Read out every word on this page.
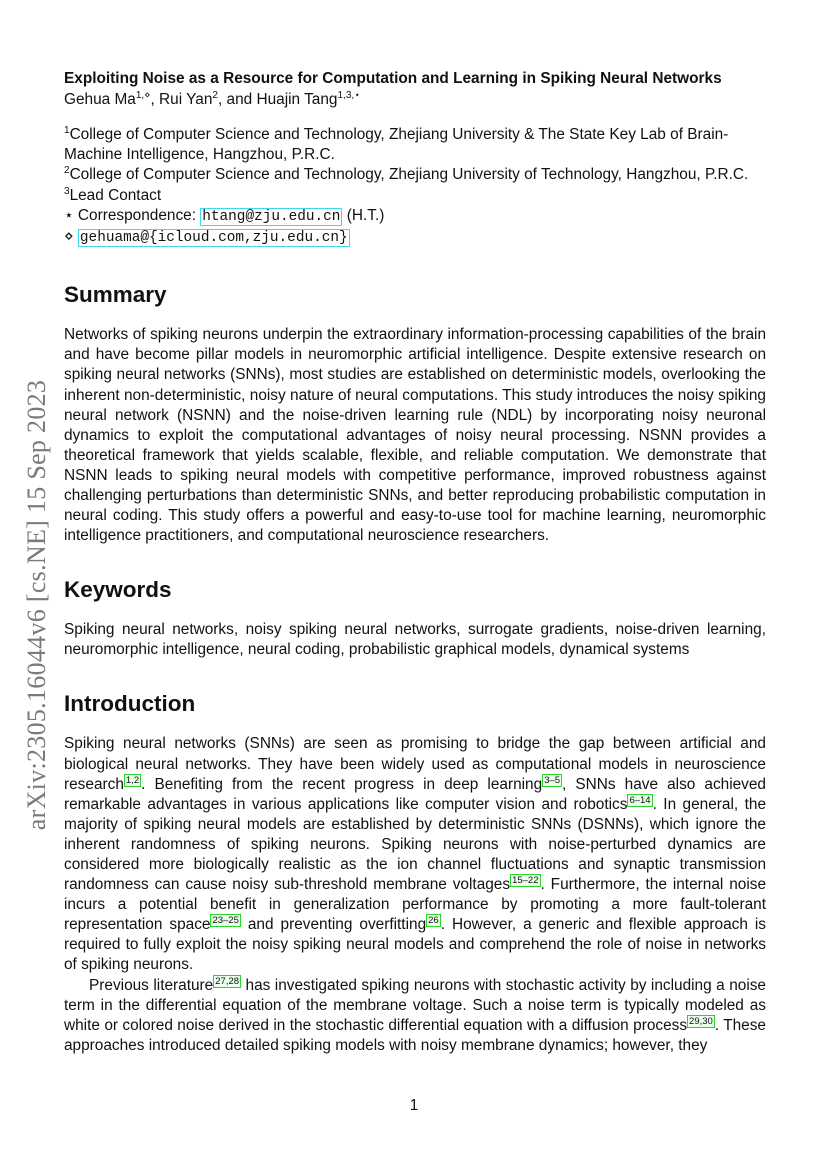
arXiv:2305.16044v6 [cs.NE] 15 Sep 2023

Exploiting Noise as a Resource for Computation and Learning in Spiking Neural Networks

Gehua $Ma^{1,⋄}$, Rui Yan$^2$, and Huajin Tang$^{1,3,⋆}$

$^1$College of Computer Science and Technology, Zhejiang University & The State Key Lab of Brain-Machine Intelligence, Hangzhou, P.R.C.

$^2$College of Computer Science and Technology, Zhejiang University of Technology, Hangzhou, P.R.C.

$^3$Lead Contact

⋆ Correspondence: htang@zju.edu.cn (H.T.)

⋄ gehuama@{icloud.com,zju.edu.cn}

Summary

Networks of spiking neurons underpin the extraordinary information-processing capabilities of the brain and have become pillar models in neuromorphic artificial intelligence. Despite extensive research on spiking neural networks (SNNs), most studies are established on deterministic models, overlooking the inherent non-deterministic, noisy nature of neural computations. This study introduces the noisy spiking neural network (NSNN) and the noise-driven learning rule (NDL) by incorporating noisy neuronal dynamics to exploit the computational advantages of noisy neural processing. NSNN provides a theoretical framework that yields scalable, flexible, and reliable computation. We demonstrate that NSNN leads to spiking neural models with competitive performance, improved robustness against challenging perturbations than deterministic SNNs, and better reproducing probabilistic computation in neural coding. This study offers a powerful and easy-to-use tool for machine learning, neuromorphic intelligence practitioners, and computational neuroscience researchers.

Keywords

Spiking neural networks, noisy spiking neural networks, surrogate gradients, noise-driven learning, neuromorphic intelligence, neural coding, probabilistic graphical models, dynamical systems

Introduction

Spiking neural networks (SNNs) are seen as promising to bridge the gap between artificial and biological neural networks. They have been widely used as computational models in neuroscience research $^{1,2}$ . Benefiting from the recent progress in deep learning $^{3-5}$ , SNNs have also achieved remarkable advantages in various applications like computer vision and robotics $^{6-14}$ . In general, the majority of spiking neural models are established by deterministic SNNs (DSNNs), which ignore the inherent randomness of spiking neurons. Spiking neurons with noise-perturbed dynamics are considered more biologically realistic as the ion channel fluctuations and synaptic transmission randomness can cause noisy sub-threshold membrane voltages $^{15-22}$ . Furthermore, the internal noise incurs a potential benefit in generalization performance by promoting a more fault-tolerant representation space $^{23-25}$ and preventing overfitting $^{26}$ . However, a generic and flexible approach is required to fully exploit the noisy spiking neural models and comprehend the role of noise in networks of spiking neurons.

Previous literature $^{27,28}$ has investigated spiking neurons with stochastic activity by including a noise term in the differential equation of the membrane voltage. Such a noise term is typically modeled as white or colored noise derived in the stochastic differential equation with a diffusion process $^{29,30}$ . These approaches introduced detailed spiking models with noisy membrane dynamics; however, they

1
